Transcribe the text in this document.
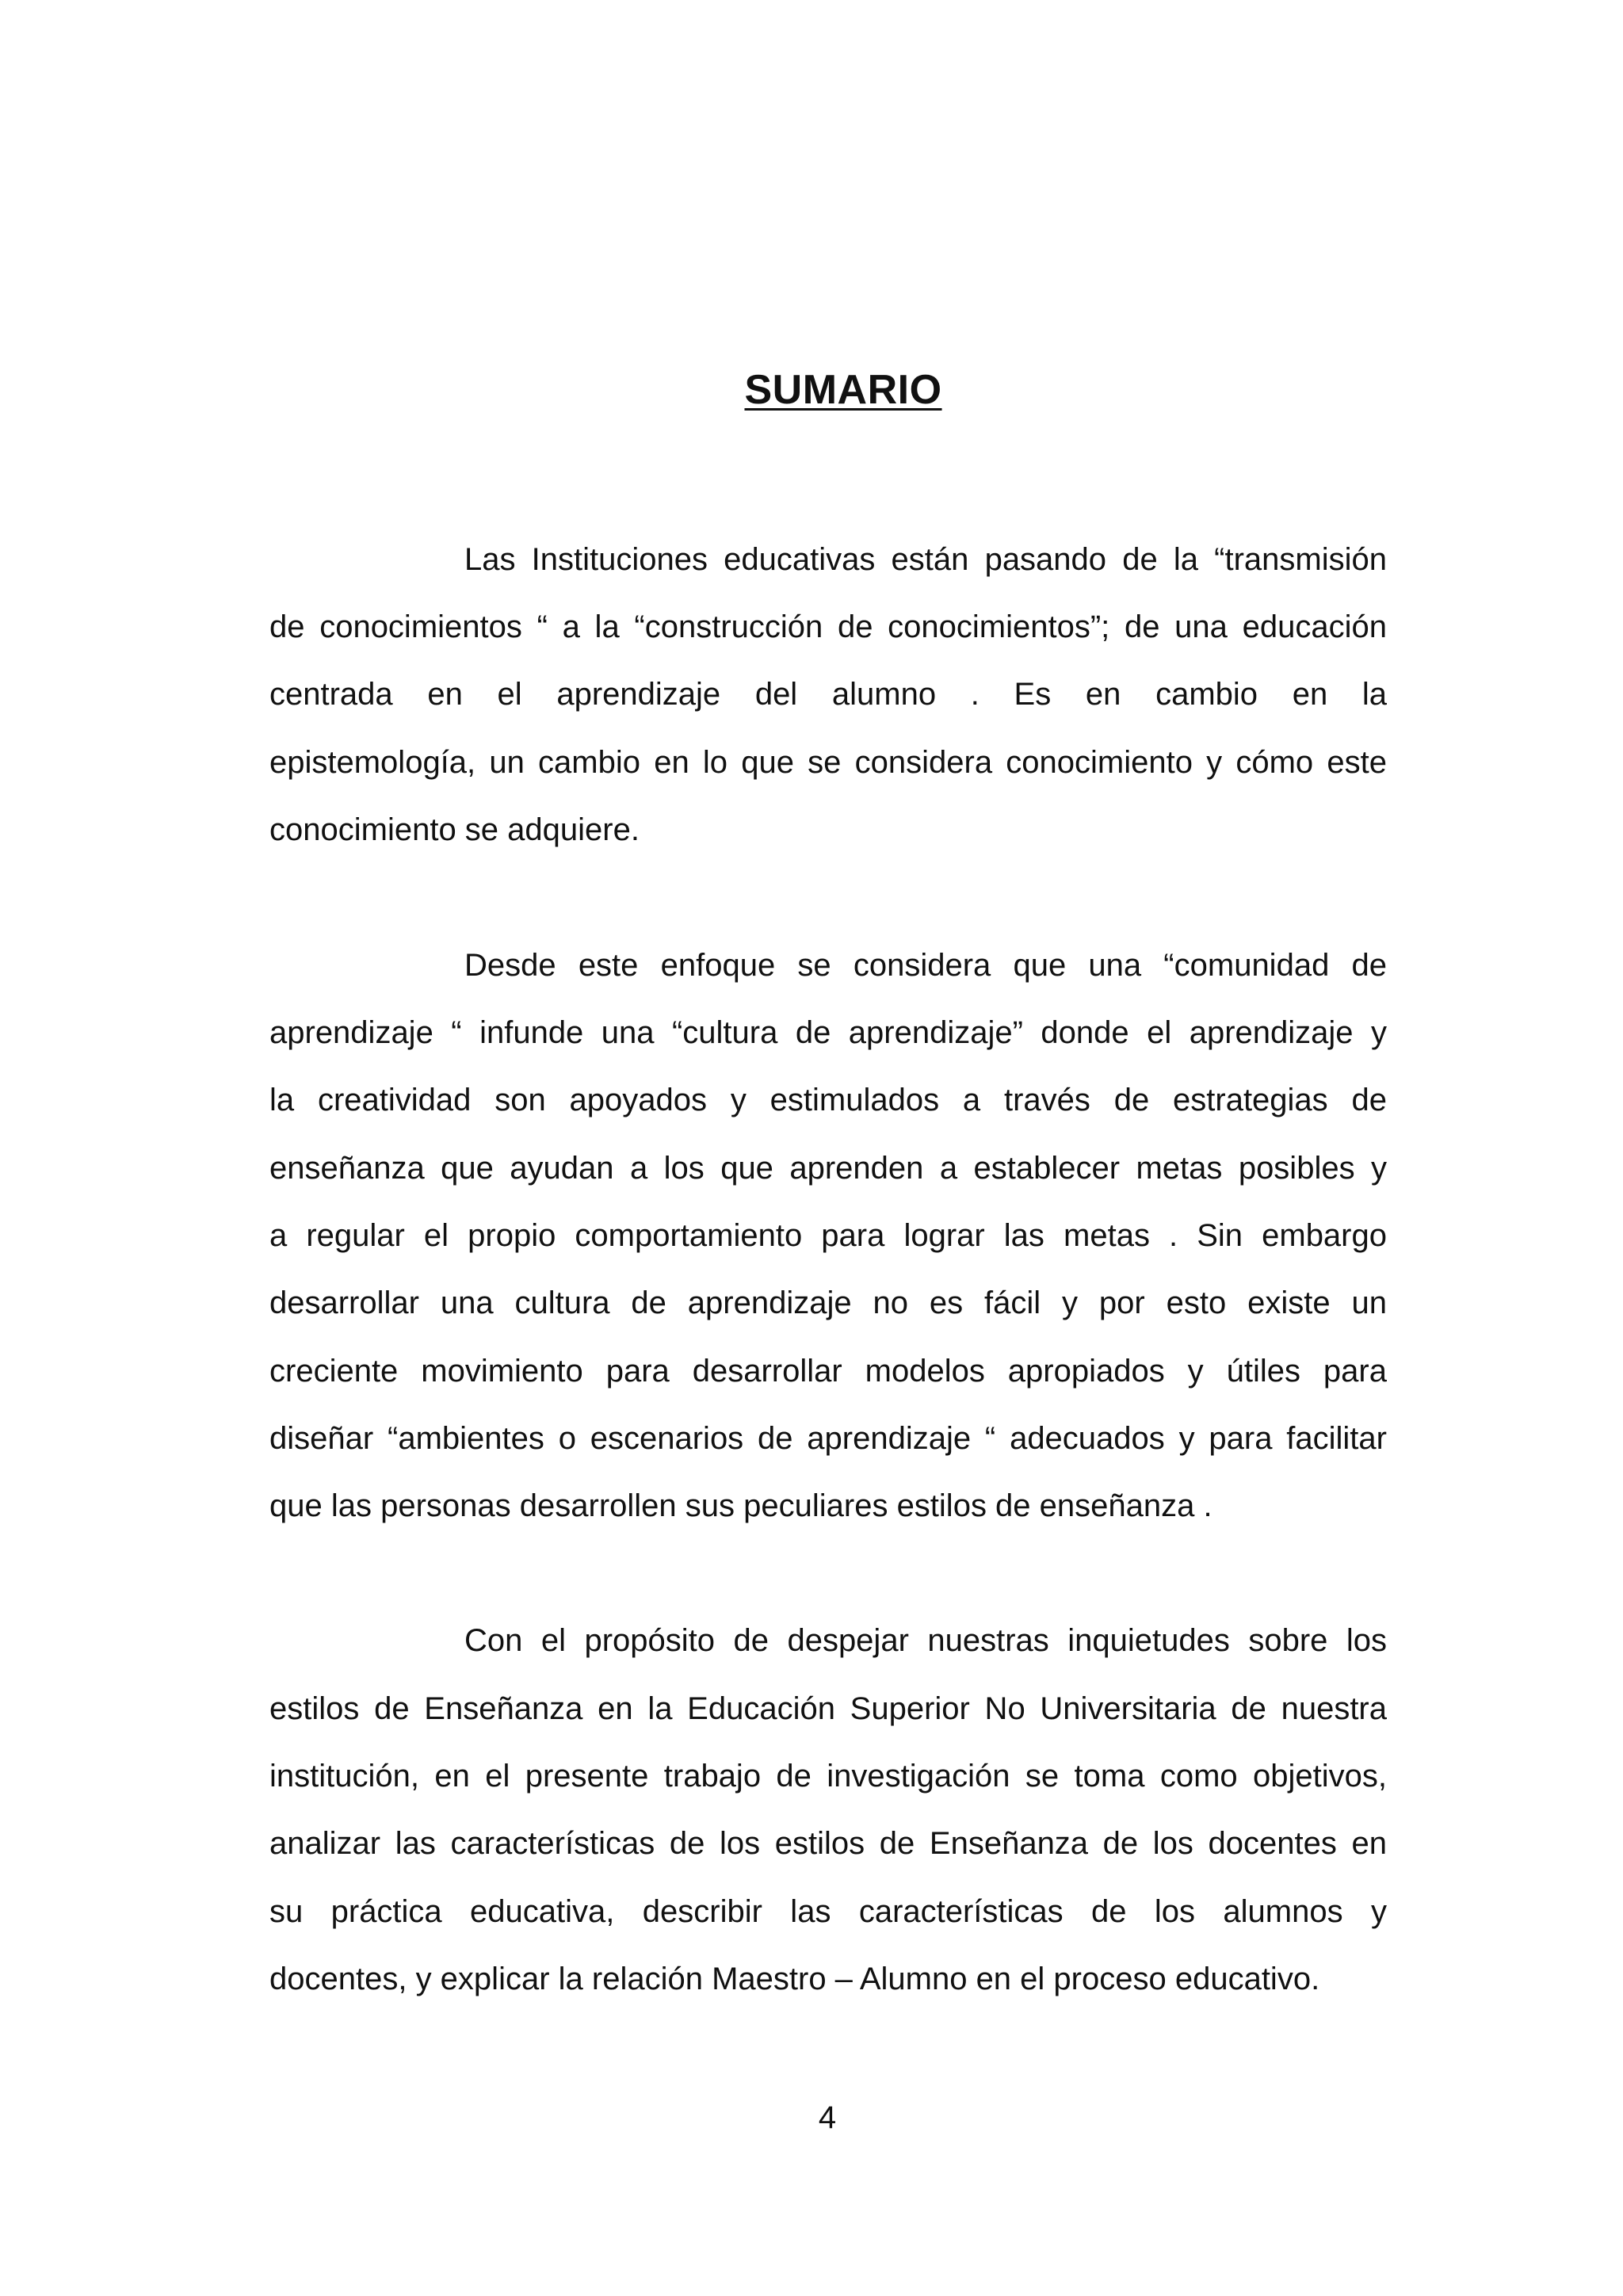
SUMARIO
Las Instituciones educativas están pasando de la “transmisión
de conocimientos “ a la “construcción de conocimientos”; de una educación
centrada en el aprendizaje del alumno . Es en cambio en la
epistemología, un cambio en lo que se considera conocimiento y cómo este
conocimiento se adquiere.
Desde este enfoque se considera que una “comunidad de
aprendizaje “ infunde una “cultura de aprendizaje” donde el aprendizaje y
la creatividad son apoyados y estimulados a través de estrategias de
enseñanza que ayudan a los que aprenden a establecer metas posibles y
a regular el propio comportamiento para lograr las metas . Sin embargo
desarrollar una cultura de aprendizaje no es fácil y por esto existe un
creciente movimiento para desarrollar modelos apropiados y útiles para
diseñar “ambientes o escenarios de aprendizaje “ adecuados y para facilitar
que las personas desarrollen sus peculiares estilos de enseñanza .
Con el propósito de despejar nuestras inquietudes sobre los
estilos de Enseñanza en la Educación Superior No Universitaria de nuestra
institución, en el presente trabajo de investigación se toma como objetivos,
analizar las características de los estilos de Enseñanza de los docentes en
su práctica educativa, describir las características de los alumnos y
docentes, y explicar la relación Maestro – Alumno en el proceso educativo.
4
